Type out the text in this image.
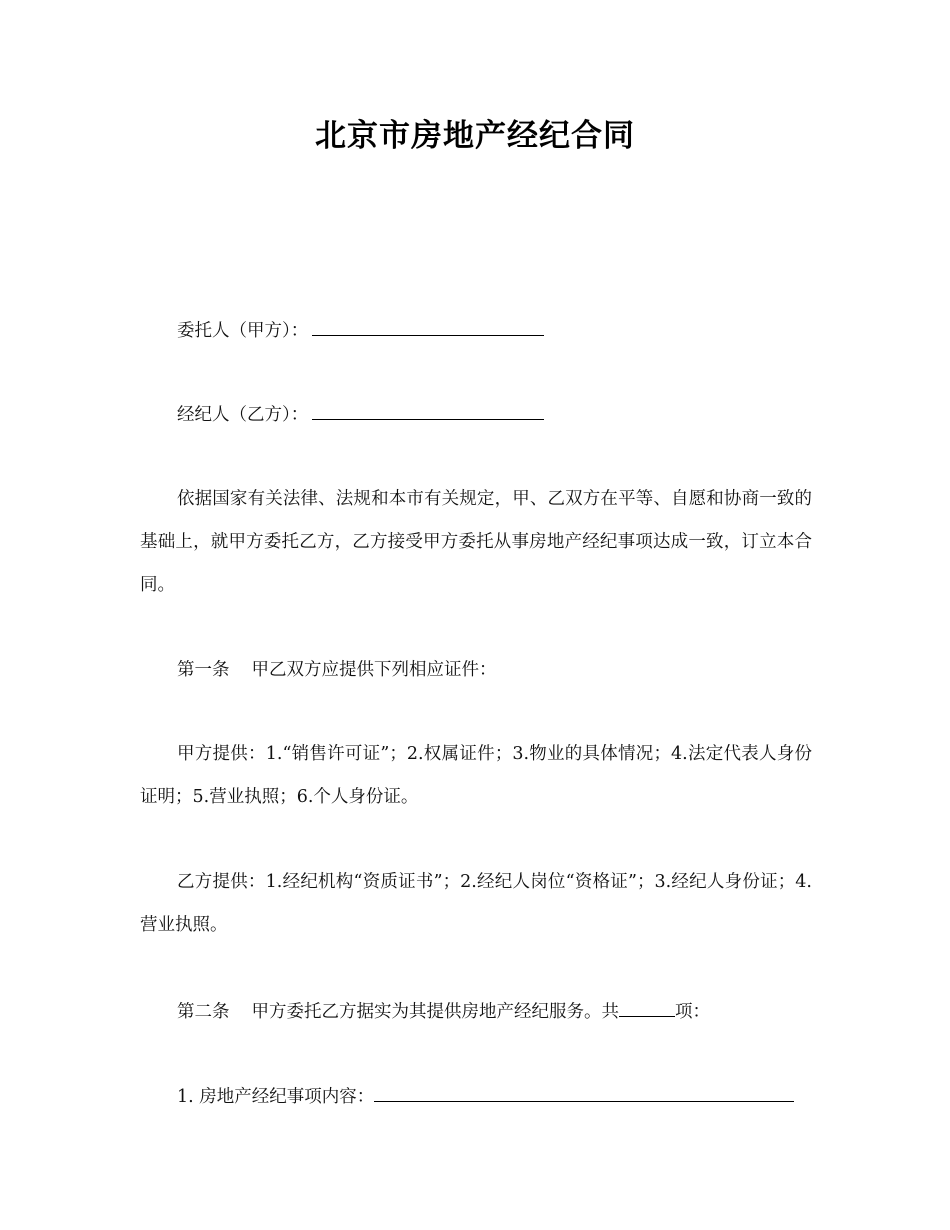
北京市房地产经纪合同
委托人（甲方）：
经纪人（乙方）：
依据国家有关法律、法规和本市有关规定，甲、乙双方在平等、自愿和协商一致的基础上，就甲方委托乙方，乙方接受甲方委托从事房地产经纪事项达成一致，订立本合同。
第一条 甲乙双方应提供下列相应证件：
甲方提供：1.“销售许可证”；2.权属证件；3.物业的具体情况；4.法定代表人身份证明；5.营业执照；6.个人身份证。
乙方提供：1.经纪机构“资质证书”；2.经纪人岗位“资格证”；3.经纪人身份证；4.营业执照。
第二条 甲方委托乙方据实为其提供房地产经纪服务。共	项：
1. 房地产经纪事项内容：
